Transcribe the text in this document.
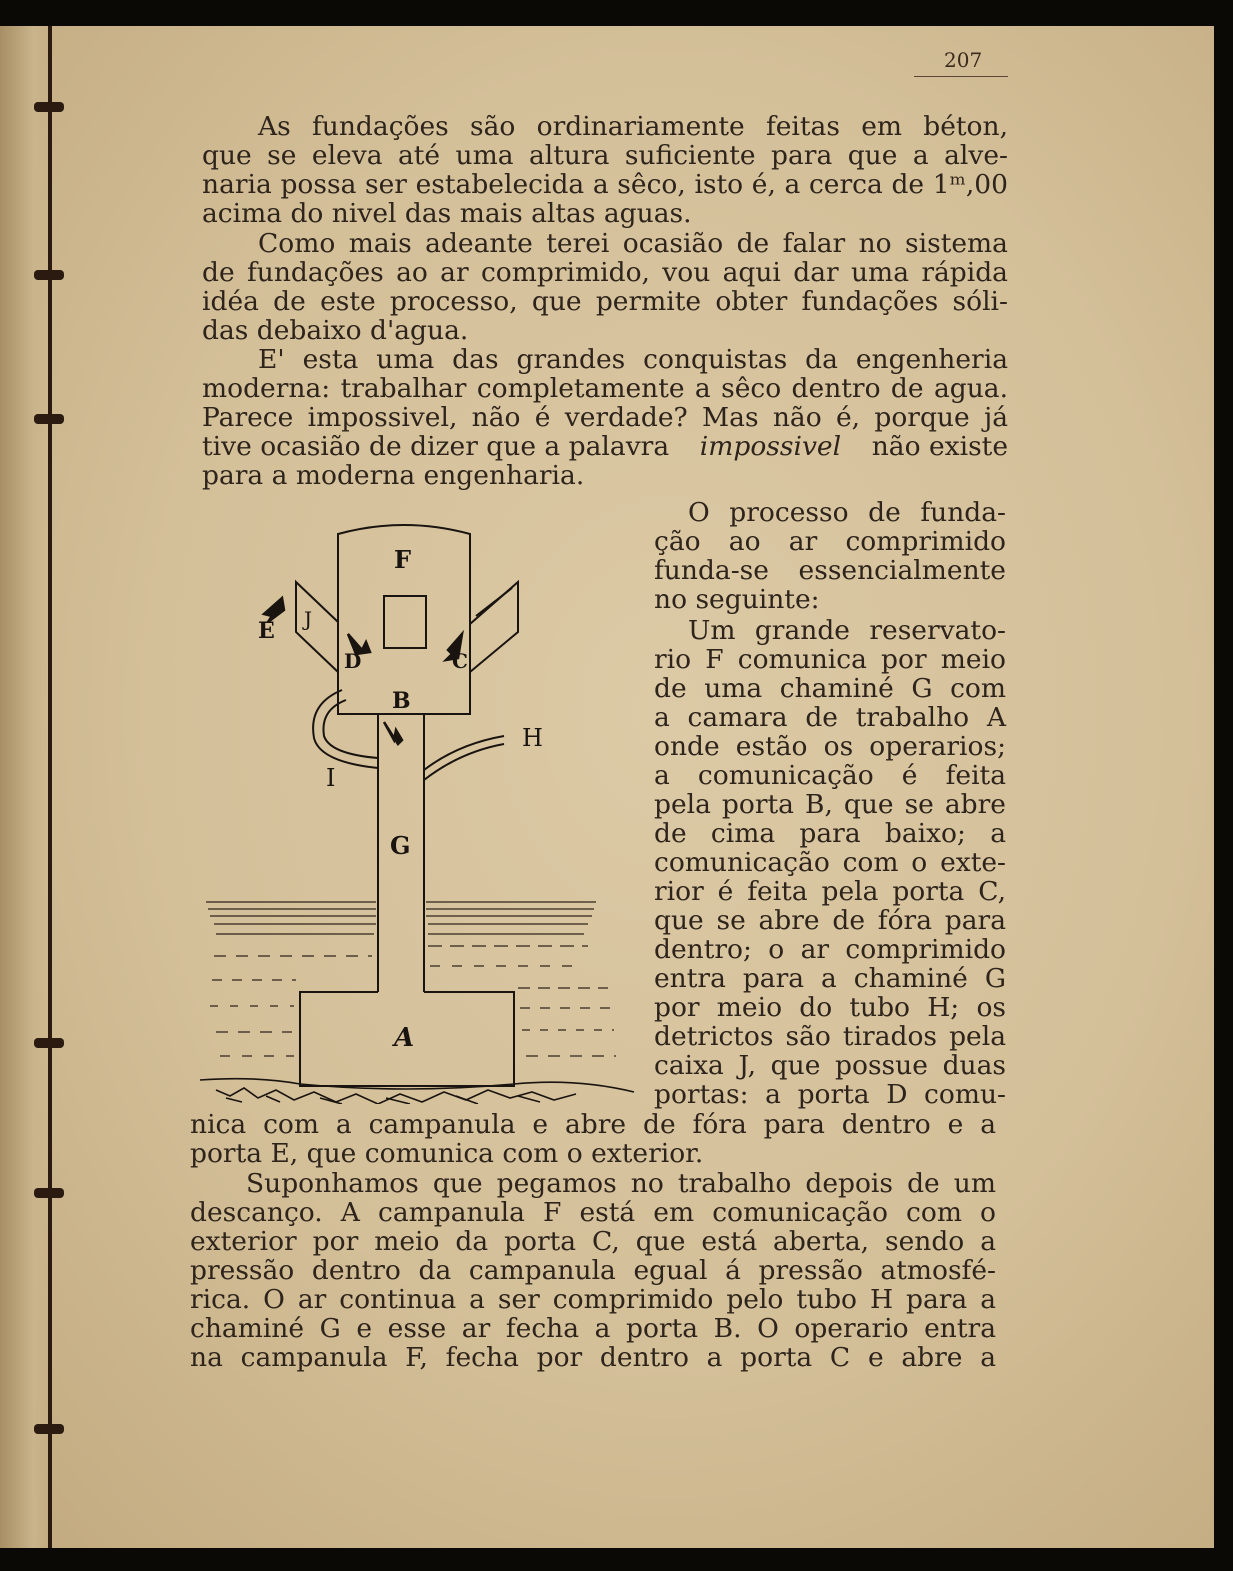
207

As fundações são ordinariamente feitas em béton,

que se eleva até uma altura suficiente para que a alve-

naria possa ser estabelecida a sêco, isto é, a cerca de 1ᵐ,00

acima do nivel das mais altas aguas.

Como mais adeante terei ocasião de falar no sistema

de fundações ao ar comprimido, vou aqui dar uma rápida

idéa de este processo, que permite obter fundações sóli-

das debaixo d'agua.

E' esta uma das grandes conquistas da engenheria

moderna: trabalhar completamente a sêco dentro de agua.

Parece impossivel, não é verdade? Mas não é, porque já

tive ocasião de dizer que a palavra impossivel não existe

para a moderna engenharia.

O processo de funda-

ção ao ar comprimido

funda-se essencialmente

no seguinte:

Um grande reservato-

rio F comunica por meio

de uma chaminé G com

a camara de trabalho A

onde estão os operarios;

a comunicação é feita

pela porta B, que se abre

de cima para baixo; a

comunicação com o exte-

rior é feita pela porta C,

que se abre de fóra para

dentro; o ar comprimido

entra para a chaminé G

por meio do tubo H; os

detrictos são tirados pela

caixa J, que possue duas

portas: a porta D comu-

nica com a campanula e abre de fóra para dentro e a

porta E, que comunica com o exterior.

Suponhamos que pegamos no trabalho depois de um

descanço. A campanula F está em comunicação com o

exterior por meio da porta C, que está aberta, sendo a

pressão dentro da campanula egual á pressão atmosfé-

rica. O ar continua a ser comprimido pelo tubo H para a

chaminé G e esse ar fecha a porta B. O operario entra

na campanula F, fecha por dentro a porta C e abre a

F
J
E
D	C
B
H
I
G
A
